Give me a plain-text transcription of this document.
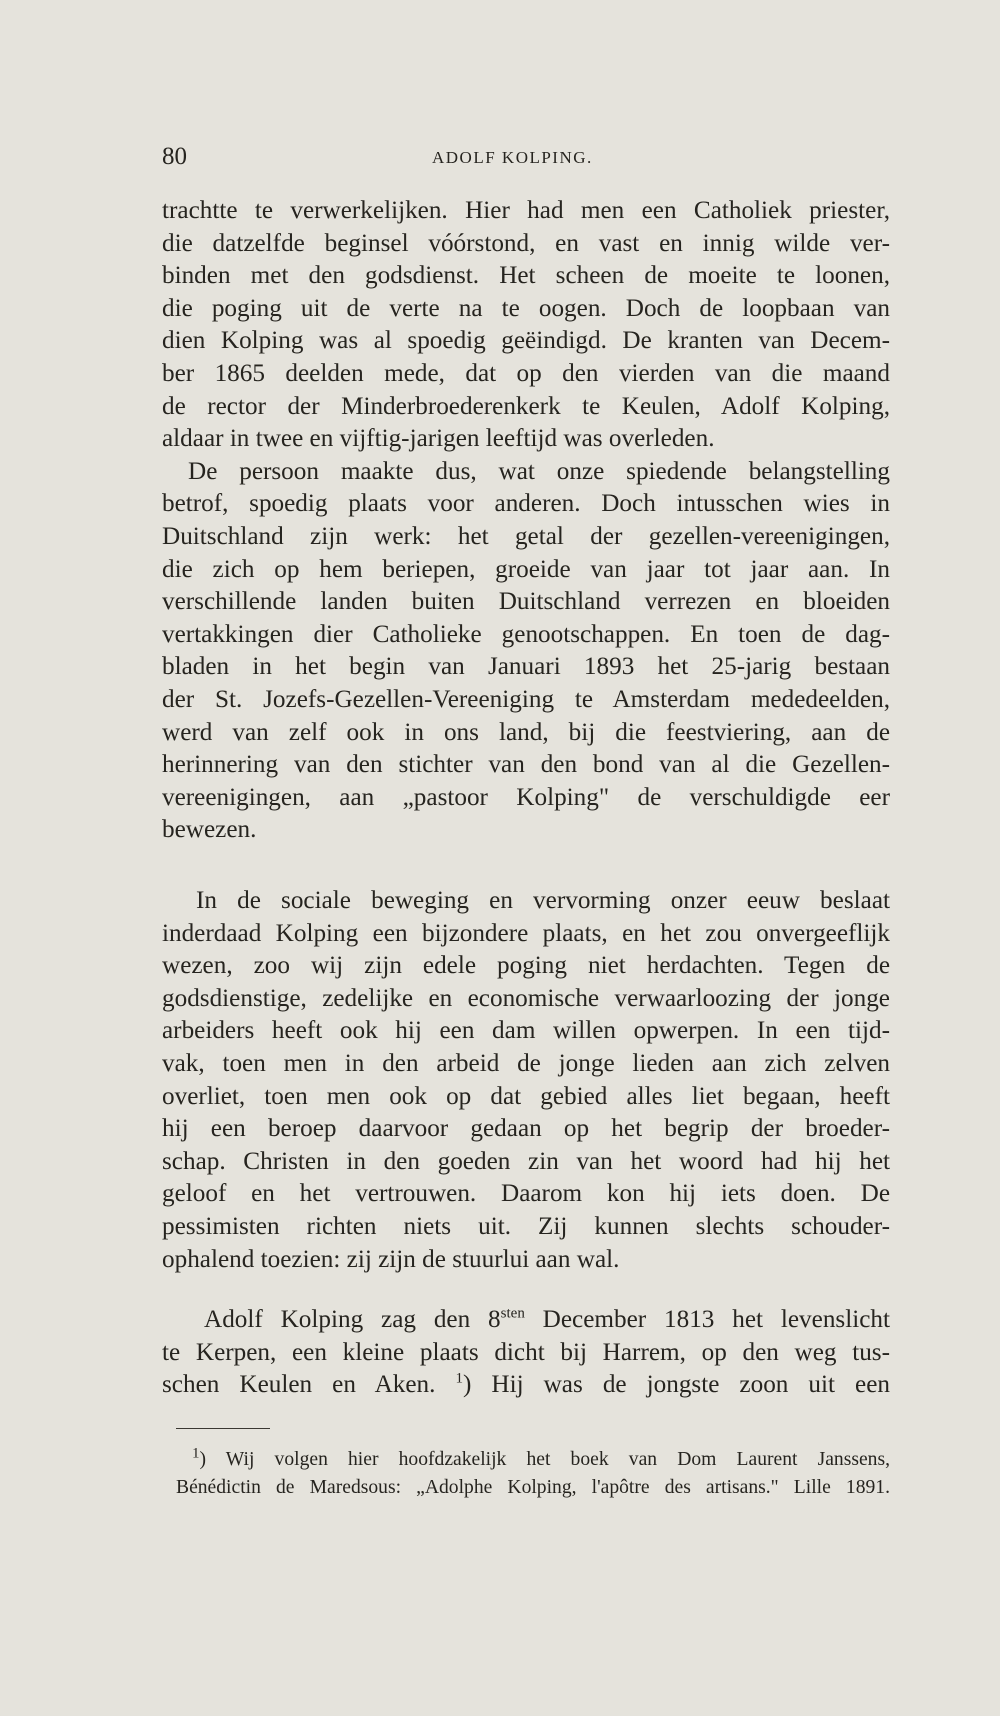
80	ADOLF KOLPING.
trachtte te verwerkelijken. Hier had men een Catholiek priester,
die datzelfde beginsel vóórstond, en vast en innig wilde ver-
binden met den godsdienst. Het scheen de moeite te loonen,
die poging uit de verte na te oogen. Doch de loopbaan van
dien Kolping was al spoedig geëindigd. De kranten van Decem-
ber 1865 deelden mede, dat op den vierden van die maand
de rector der Minderbroederenkerk te Keulen, Adolf Kolping,
aldaar in twee en vijftig-jarigen leeftijd was overleden.
De persoon maakte dus, wat onze spiedende belangstelling
betrof, spoedig plaats voor anderen. Doch intusschen wies in
Duitschland zijn werk: het getal der gezellen-vereenigingen,
die zich op hem beriepen, groeide van jaar tot jaar aan. In
verschillende landen buiten Duitschland verrezen en bloeiden
vertakkingen dier Catholieke genootschappen. En toen de dag-
bladen in het begin van Januari 1893 het 25-jarig bestaan
der St. Jozefs-Gezellen-Vereeniging te Amsterdam mededeelden,
werd van zelf ook in ons land, bij die feestviering, aan de
herinnering van den stichter van den bond van al die Gezellen-
vereenigingen, aan „pastoor Kolping" de verschuldigde eer
bewezen.
In de sociale beweging en vervorming onzer eeuw beslaat
inderdaad Kolping een bijzondere plaats, en het zou onvergeeflijk
wezen, zoo wij zijn edele poging niet herdachten. Tegen de
godsdienstige, zedelijke en economische verwaarloozing der jonge
arbeiders heeft ook hij een dam willen opwerpen. In een tijd-
vak, toen men in den arbeid de jonge lieden aan zich zelven
overliet, toen men ook op dat gebied alles liet begaan, heeft
hij een beroep daarvoor gedaan op het begrip der broeder-
schap. Christen in den goeden zin van het woord had hij het
geloof en het vertrouwen. Daarom kon hij iets doen. De
pessimisten richten niets uit. Zij kunnen slechts schouder-
ophalend toezien: zij zijn de stuurlui aan wal.
Adolf Kolping zag den $8^{sten}$ December 1813 het levenslicht
te Kerpen, een kleine plaats dicht bij Harrem, op den weg tus-
schen Keulen en Aken. $^1$) Hij was de jongste zoon uit een
$^1$) Wij volgen hier hoofdzakelijk het boek van Dom Laurent Janssens,
Bénédictin de Maredsous: „Adolphe Kolping, l'apôtre des artisans." Lille 1891.
